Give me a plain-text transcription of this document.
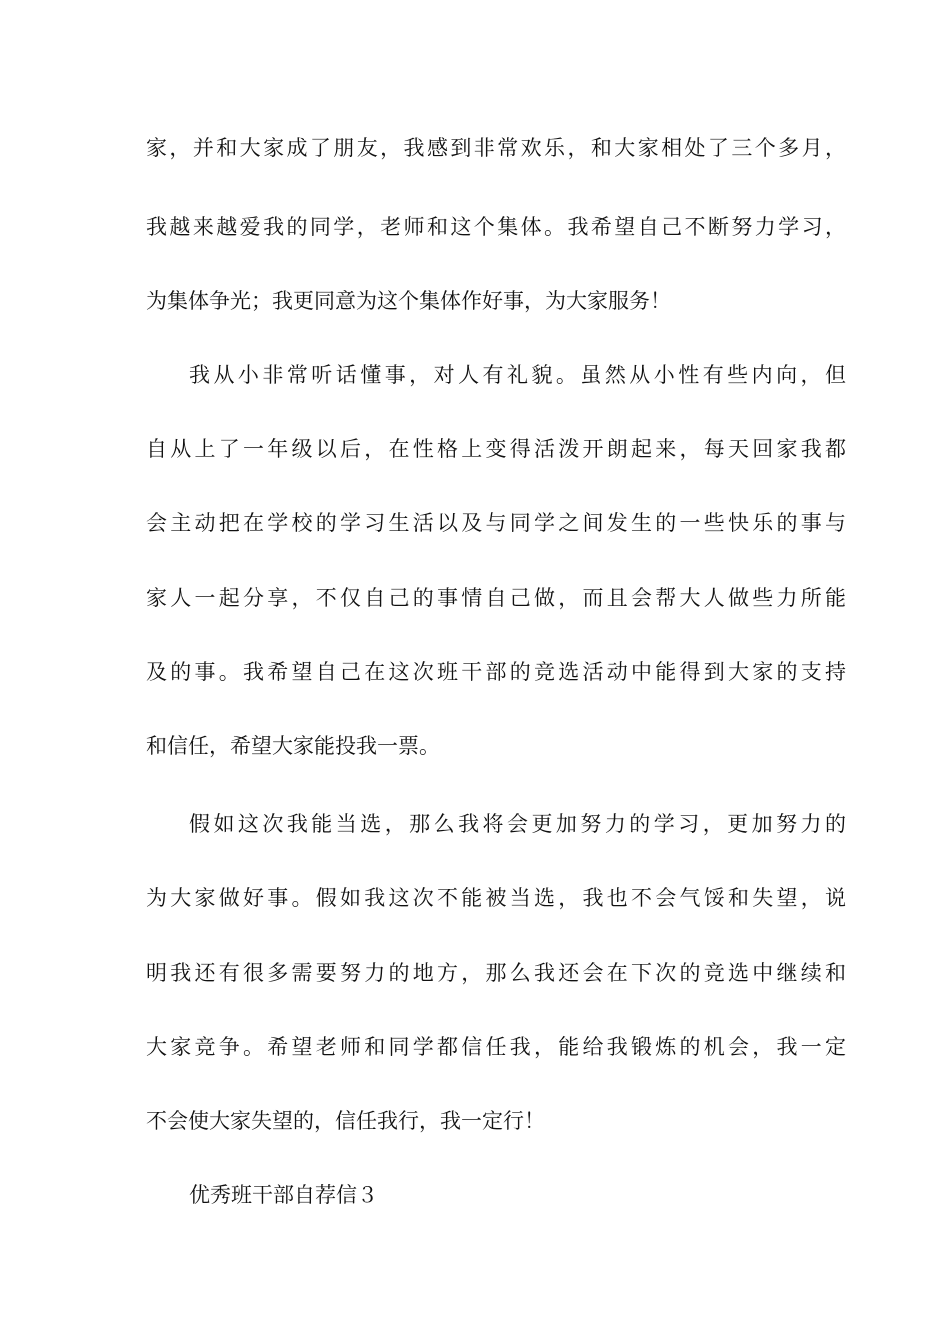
家，并和大家成了朋友，我感到非常欢乐，和大家相处了三个多月，
我越来越爱我的同学，老师和这个集体。我希望自己不断努力学习，
为集体争光；我更同意为这个集体作好事，为大家服务！
我从小非常听话懂事，对人有礼貌。虽然从小性有些内向，但
自从上了一年级以后，在性格上变得活泼开朗起来，每天回家我都
会主动把在学校的学习生活以及与同学之间发生的一些快乐的事与
家人一起分享，不仅自己的事情自己做，而且会帮大人做些力所能
及的事。我希望自己在这次班干部的竞选活动中能得到大家的支持
和信任，希望大家能投我一票。
假如这次我能当选，那么我将会更加努力的学习，更加努力的
为大家做好事。假如我这次不能被当选，我也不会气馁和失望，说
明我还有很多需要努力的地方，那么我还会在下次的竞选中继续和
大家竞争。希望老师和同学都信任我，能给我锻炼的机会，我一定
不会使大家失望的，信任我行，我一定行！
优秀班干部自荐信３
